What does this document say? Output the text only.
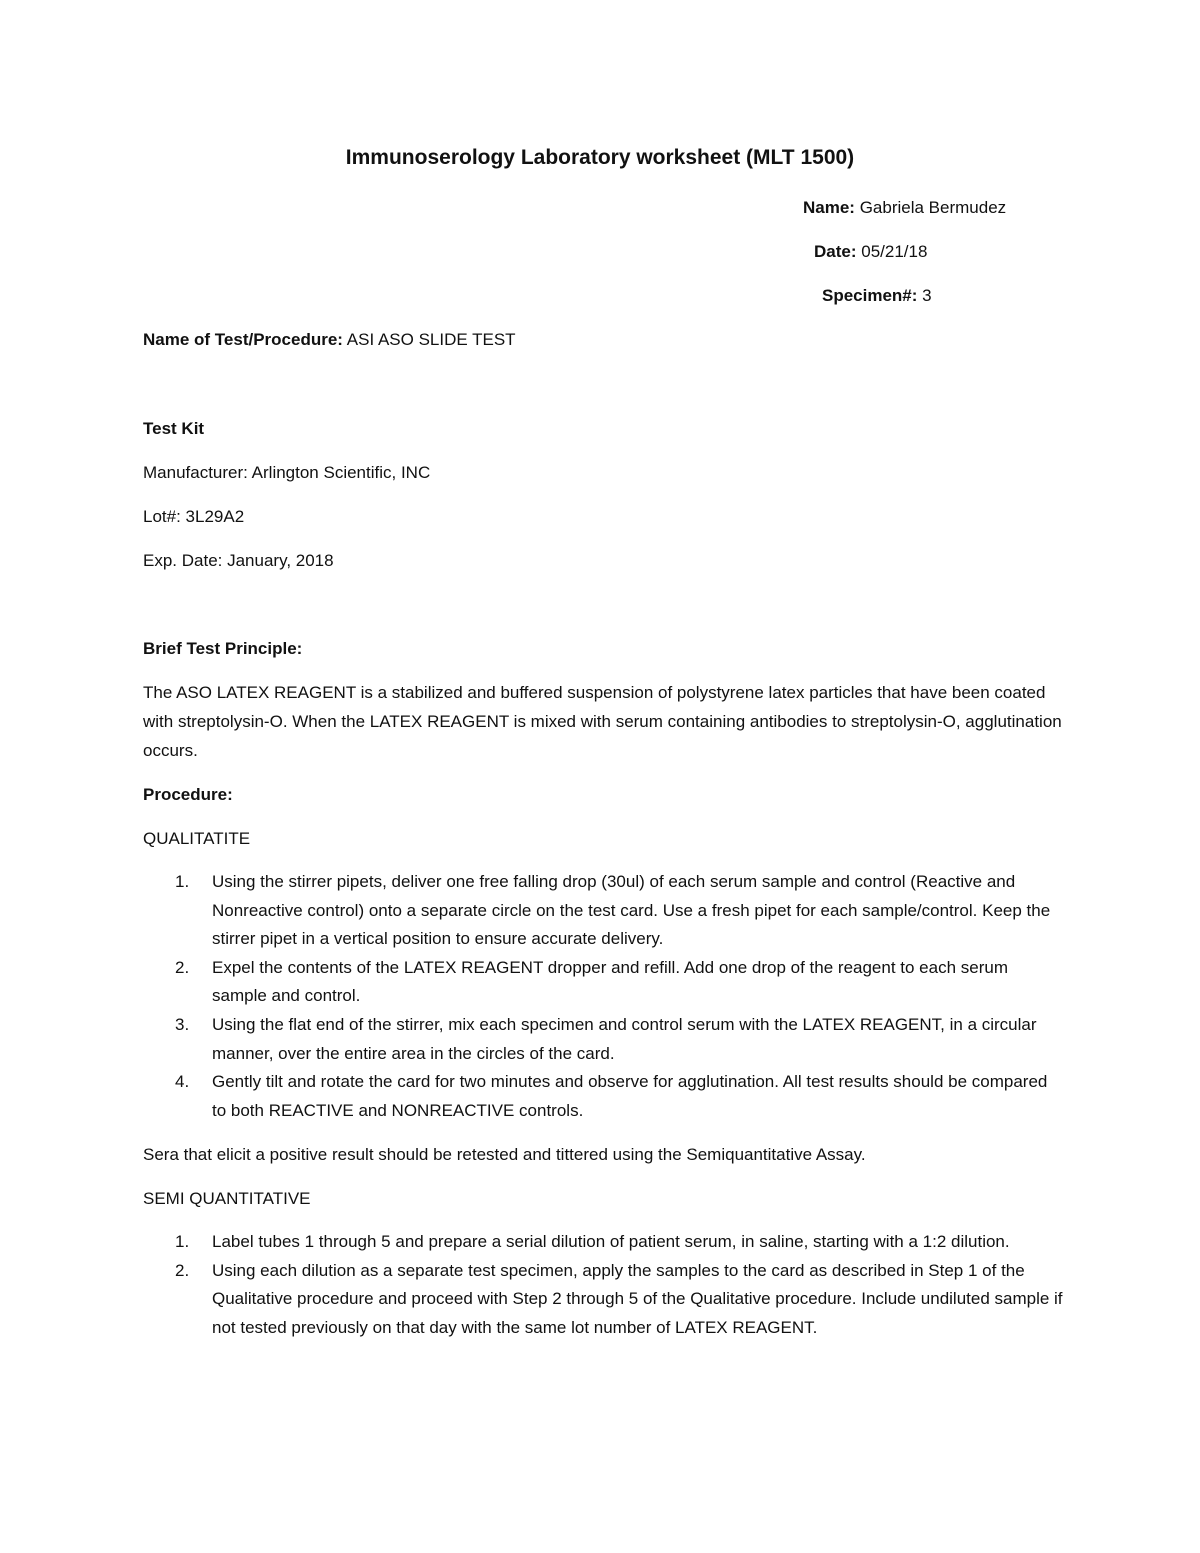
Immunoserology Laboratory worksheet (MLT 1500)
Name: Gabriela Bermudez
Date: 05/21/18
Specimen#: 3
Name of Test/Procedure: ASI ASO SLIDE TEST
Test Kit
Manufacturer: Arlington Scientific, INC
Lot#: 3L29A2
Exp. Date: January, 2018
Brief Test Principle:
The ASO LATEX REAGENT is a stabilized and buffered suspension of polystyrene latex particles that have been coated with streptolysin-O. When the LATEX REAGENT is mixed with serum containing antibodies to streptolysin-O, agglutination occurs.
Procedure:
QUALITATITE
1. Using the stirrer pipets, deliver one free falling drop (30ul) of each serum sample and control (Reactive and Nonreactive control) onto a separate circle on the test card. Use a fresh pipet for each sample/control. Keep the stirrer pipet in a vertical position to ensure accurate delivery.
2. Expel the contents of the LATEX REAGENT dropper and refill. Add one drop of the reagent to each serum sample and control.
3. Using the flat end of the stirrer, mix each specimen and control serum with the LATEX REAGENT, in a circular manner, over the entire area in the circles of the card.
4. Gently tilt and rotate the card for two minutes and observe for agglutination. All test results should be compared to both REACTIVE and NONREACTIVE controls.
Sera that elicit a positive result should be retested and tittered using the Semiquantitative Assay.
SEMI QUANTITATIVE
1. Label tubes 1 through 5 and prepare a serial dilution of patient serum, in saline, starting with a 1:2 dilution.
2. Using each dilution as a separate test specimen, apply the samples to the card as described in Step 1 of the Qualitative procedure and proceed with Step 2 through 5 of the Qualitative procedure. Include undiluted sample if not tested previously on that day with the same lot number of LATEX REAGENT.
